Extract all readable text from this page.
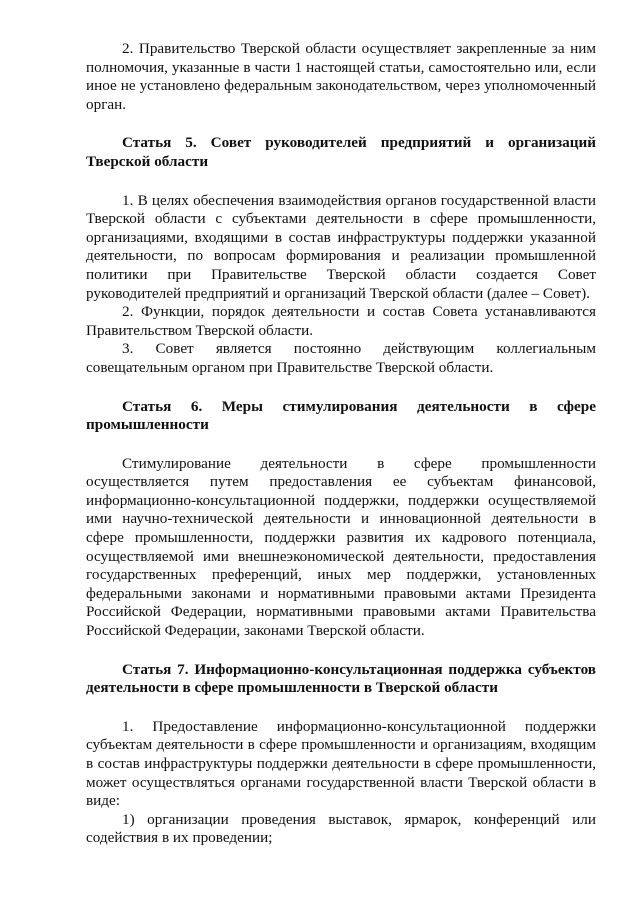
2. Правительство Тверской области осуществляет закрепленные за ним полномочия, указанные в части 1 настоящей статьи, самостоятельно или, если иное не установлено федеральным законодательством, через уполномоченный орган.

Статья 5. Совет руководителей предприятий и организаций Тверской области

1. В целях обеспечения взаимодействия органов государственной власти Тверской области с субъектами деятельности в сфере промышленности, организациями, входящими в состав инфраструктуры поддержки указанной деятельности, по вопросам формирования и реализации промышленной политики при Правительстве Тверской области создается Совет руководителей предприятий и организаций Тверской области (далее – Совет).

2. Функции, порядок деятельности и состав Совета устанавливаются Правительством Тверской области.

3. Совет является постоянно действующим коллегиальным совещательным органом при Правительстве Тверской области.

Статья 6. Меры стимулирования деятельности в сфере промышленности

Стимулирование деятельности в сфере промышленности осуществляется путем предоставления ее субъектам финансовой, информационно-консультационной поддержки, поддержки осуществляемой ими научно-технической деятельности и инновационной деятельности в сфере промышленности, поддержки развития их кадрового потенциала, осуществляемой ими внешнеэкономической деятельности, предоставления государственных преференций, иных мер поддержки, установленных федеральными законами и нормативными правовыми актами Президента Российской Федерации, нормативными правовыми актами Правительства Российской Федерации, законами Тверской области.

Статья 7. Информационно-консультационная поддержка субъектов деятельности в сфере промышленности в Тверской области

1. Предоставление информационно-консультационной поддержки субъектам деятельности в сфере промышленности и организациям, входящим в состав инфраструктуры поддержки деятельности в сфере промышленности, может осуществляться органами государственной власти Тверской области в виде:

1) организации проведения выставок, ярмарок, конференций или содействия в их проведении;
